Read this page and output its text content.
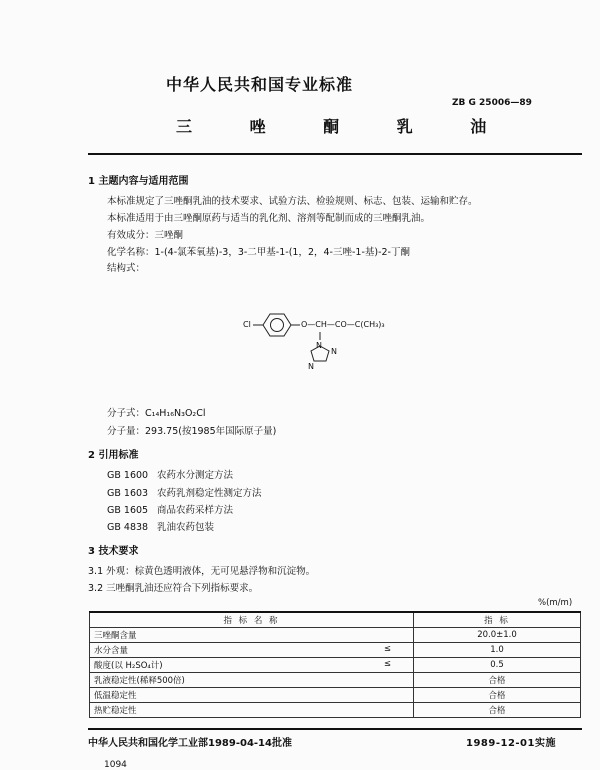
中华人民共和国专业标准
ZB G 25006—89
三 唑 酮 乳 油
1 主题内容与适用范围
本标准规定了三唑酮乳油的技术要求、试验方法、检验规则、标志、包装、运输和贮存。
本标准适用于由三唑酮原药与适当的乳化剂、溶剂等配制而成的三唑酮乳油。
有效成分：三唑酮
化学名称：1-(4-氯苯氧基)-3，3-二甲基-1-(1，2，4-三唑-1-基)-2-丁酮
结构式：
Cl	O—CH—CO—C(CH₃)₃
N
N
N
分子式：C₁₄H₁₆N₃O₂Cl
分子量：293.75(按1985年国际原子量)
2 引用标准
GB 1600 农药水分测定方法
GB 1603 农药乳剂稳定性测定方法
GB 1605 商品农药采样方法
GB 4838 乳油农药包装
3 技术要求
3.1 外观：棕黄色透明液体，无可见悬浮物和沉淀物。
3.2 三唑酮乳油还应符合下列指标要求。
%(m/m)
指 标 名 称	指 标
三唑酮含量	20.0±1.0
水分含量 ≤	1.0
酸度(以 H₂SO₄计) ≤	0.5
乳液稳定性(稀释500倍)	合格
低温稳定性	合格
热贮稳定性	合格
中华人民共和国化学工业部1989-04-14批准	1989-12-01实施
1094
